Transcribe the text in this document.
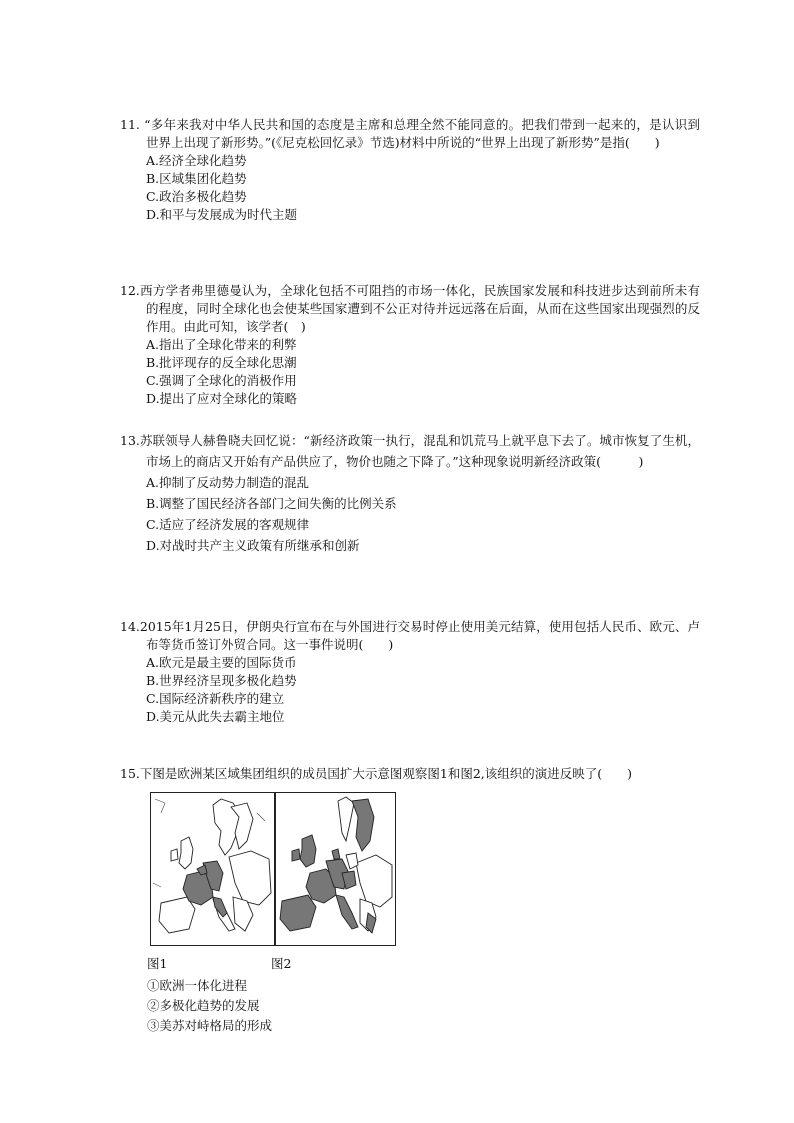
11. “多年来我对中华人民共和国的态度是主席和总理全然不能同意的。把我们带到一起来的，是认识到世界上出现了新形势。”(《尼克松回忆录》节选)材料中所说的“世界上出现了新形势”是指(　　)
A.经济全球化趋势
B.区域集团化趋势
C.政治多极化趋势
D.和平与发展成为时代主题
12.西方学者弗里德曼认为，全球化包括不可阻挡的市场一体化，民族国家发展和科技进步达到前所未有的程度，同时全球化也会使某些国家遭到不公正对待并远远落在后面，从而在这些国家出现强烈的反作用。由此可知，该学者(　)
A.指出了全球化带来的利弊
B.批评现存的反全球化思潮
C.强调了全球化的消极作用
D.提出了应对全球化的策略
13.苏联领导人赫鲁晓夫回忆说：“新经济政策一执行，混乱和饥荒马上就平息下去了。城市恢复了生机，市场上的商店又开始有产品供应了，物价也随之下降了。”这种现象说明新经济政策(　　　)
A.抑制了反动势力制造的混乱
B.调整了国民经济各部门之间失衡的比例关系
C.适应了经济发展的客观规律
D.对战时共产主义政策有所继承和创新
14.2015年1月25日，伊朗央行宣布在与外国进行交易时停止使用美元结算，使用包括人民币、欧元、卢布等货币签订外贸合同。这一事件说明(　　)
A.欧元是最主要的国际货币
B.世界经济呈现多极化趋势
C.国际经济新秩序的建立
D.美元从此失去霸主地位
15.下图是欧洲某区域集团组织的成员国扩大示意图观察图1和图2,该组织的演进反映了(　　)
图1	图2
①欧洲一体化进程
②多极化趋势的发展
③美苏对峙格局的形成
